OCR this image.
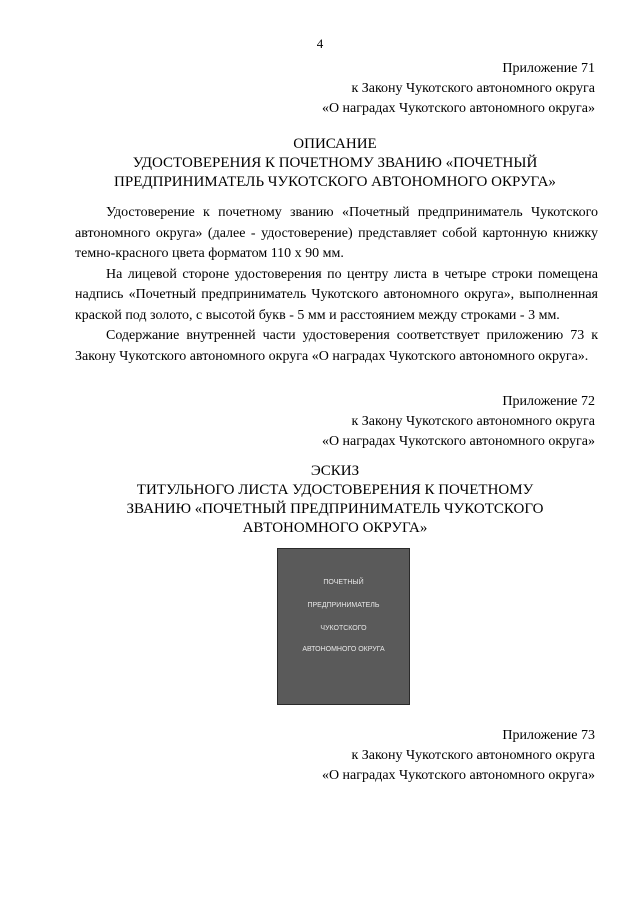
4
Приложение 71
к Закону Чукотского автономного округа
«О наградах Чукотского автономного округа»
ОПИСАНИЕ
УДОСТОВЕРЕНИЯ К ПОЧЕТНОМУ ЗВАНИЮ «ПОЧЕТНЫЙ
ПРЕДПРИНИМАТЕЛЬ ЧУКОТСКОГО АВТОНОМНОГО ОКРУГА»

Удостоверение к почетному званию «Почетный предприниматель Чукотского автономного округа» (далее - удостоверение) представляет собой картонную книжку темно-красного цвета форматом 110 х 90 мм.

На лицевой стороне удостоверения по центру листа в четыре строки помещена надпись «Почетный предприниматель Чукотского автономного округа», выполненная краской под золото, с высотой букв - 5 мм и расстоянием между строками - 3 мм.

Содержание внутренней части удостоверения соответствует приложению 73 к Закону Чукотского автономного округа «О наградах Чукотского автономного округа».

Приложение 72
к Закону Чукотского автономного округа
«О наградах Чукотского автономного округа»
ЭСКИЗ
ТИТУЛЬНОГО ЛИСТА УДОСТОВЕРЕНИЯ К ПОЧЕТНОМУ
ЗВАНИЮ «ПОЧЕТНЫЙ ПРЕДПРИНИМАТЕЛЬ ЧУКОТСКОГО
АВТОНОМНОГО ОКРУГА»
ПОЧЕТНЫЙ
ПРЕДПРИНИМАТЕЛЬ
ЧУКОТСКОГО
АВТОНОМНОГО ОКРУГА
Приложение 73
к Закону Чукотского автономного округа
«О наградах Чукотского автономного округа»
